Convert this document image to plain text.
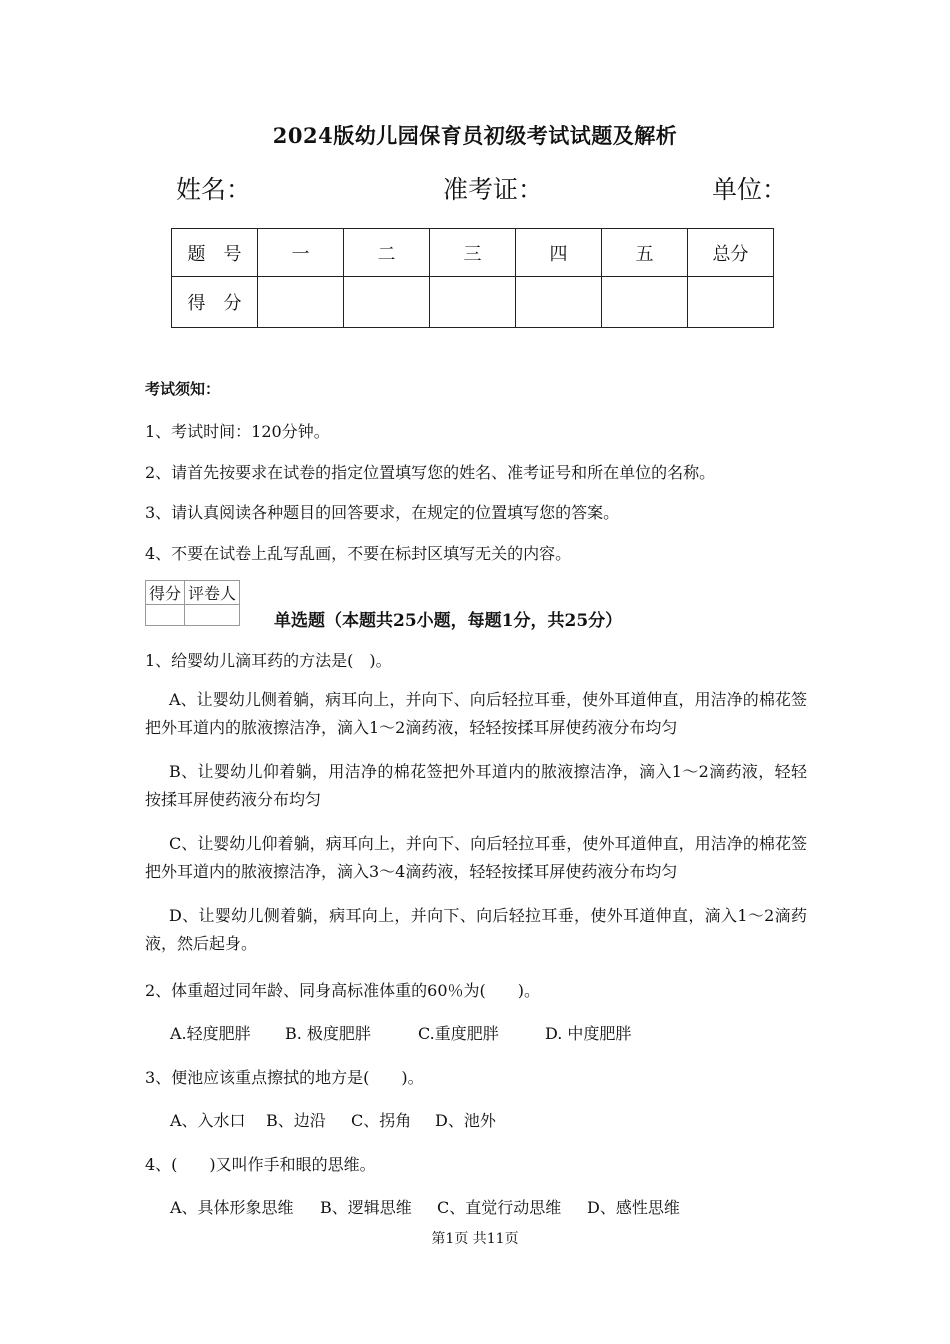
2024版幼儿园保育员初级考试试题及解析
姓名：	准考证：	单位：
题　号	一	二	三	四	五	总分
得　分						
考试须知：
1、考试时间：120分钟。
2、请首先按要求在试卷的指定位置填写您的姓名、准考证号和所在单位的名称。
3、请认真阅读各种题目的回答要求，在规定的位置填写您的答案。
4、不要在试卷上乱写乱画，不要在标封区填写无关的内容。
得分	评卷人

单选题（本题共25小题，每题1分，共25分）
1、给婴幼儿滴耳药的方法是(　)。
A、让婴幼儿侧着躺，病耳向上，并向下、向后轻拉耳垂，使外耳道伸直，用洁净的棉花签把外耳道内的脓液擦洁净，滴入1～2滴药液，轻轻按揉耳屏使药液分布均匀
B、让婴幼儿仰着躺，用洁净的棉花签把外耳道内的脓液擦洁净，滴入1～2滴药液，轻轻按揉耳屏使药液分布均匀
C、让婴幼儿仰着躺，病耳向上，并向下、向后轻拉耳垂，使外耳道伸直，用洁净的棉花签把外耳道内的脓液擦洁净，滴入3～4滴药液，轻轻按揉耳屏使药液分布均匀
D、让婴幼儿侧着躺，病耳向上，并向下、向后轻拉耳垂，使外耳道伸直，滴入1～2滴药液，然后起身。
2、体重超过同年龄、同身高标准体重的60％为(　　)。
A.轻度肥胖 B. 极度肥胖	C.重度肥胖	D. 中度肥胖
3、便池应该重点擦拭的地方是(　　)。
A、入水口 B、边沿 C、拐角 D、池外
4、(　　)又叫作手和眼的思维。
A、具体形象思维 B、逻辑思维 C、直觉行动思维 D、感性思维
第1页 共11页
